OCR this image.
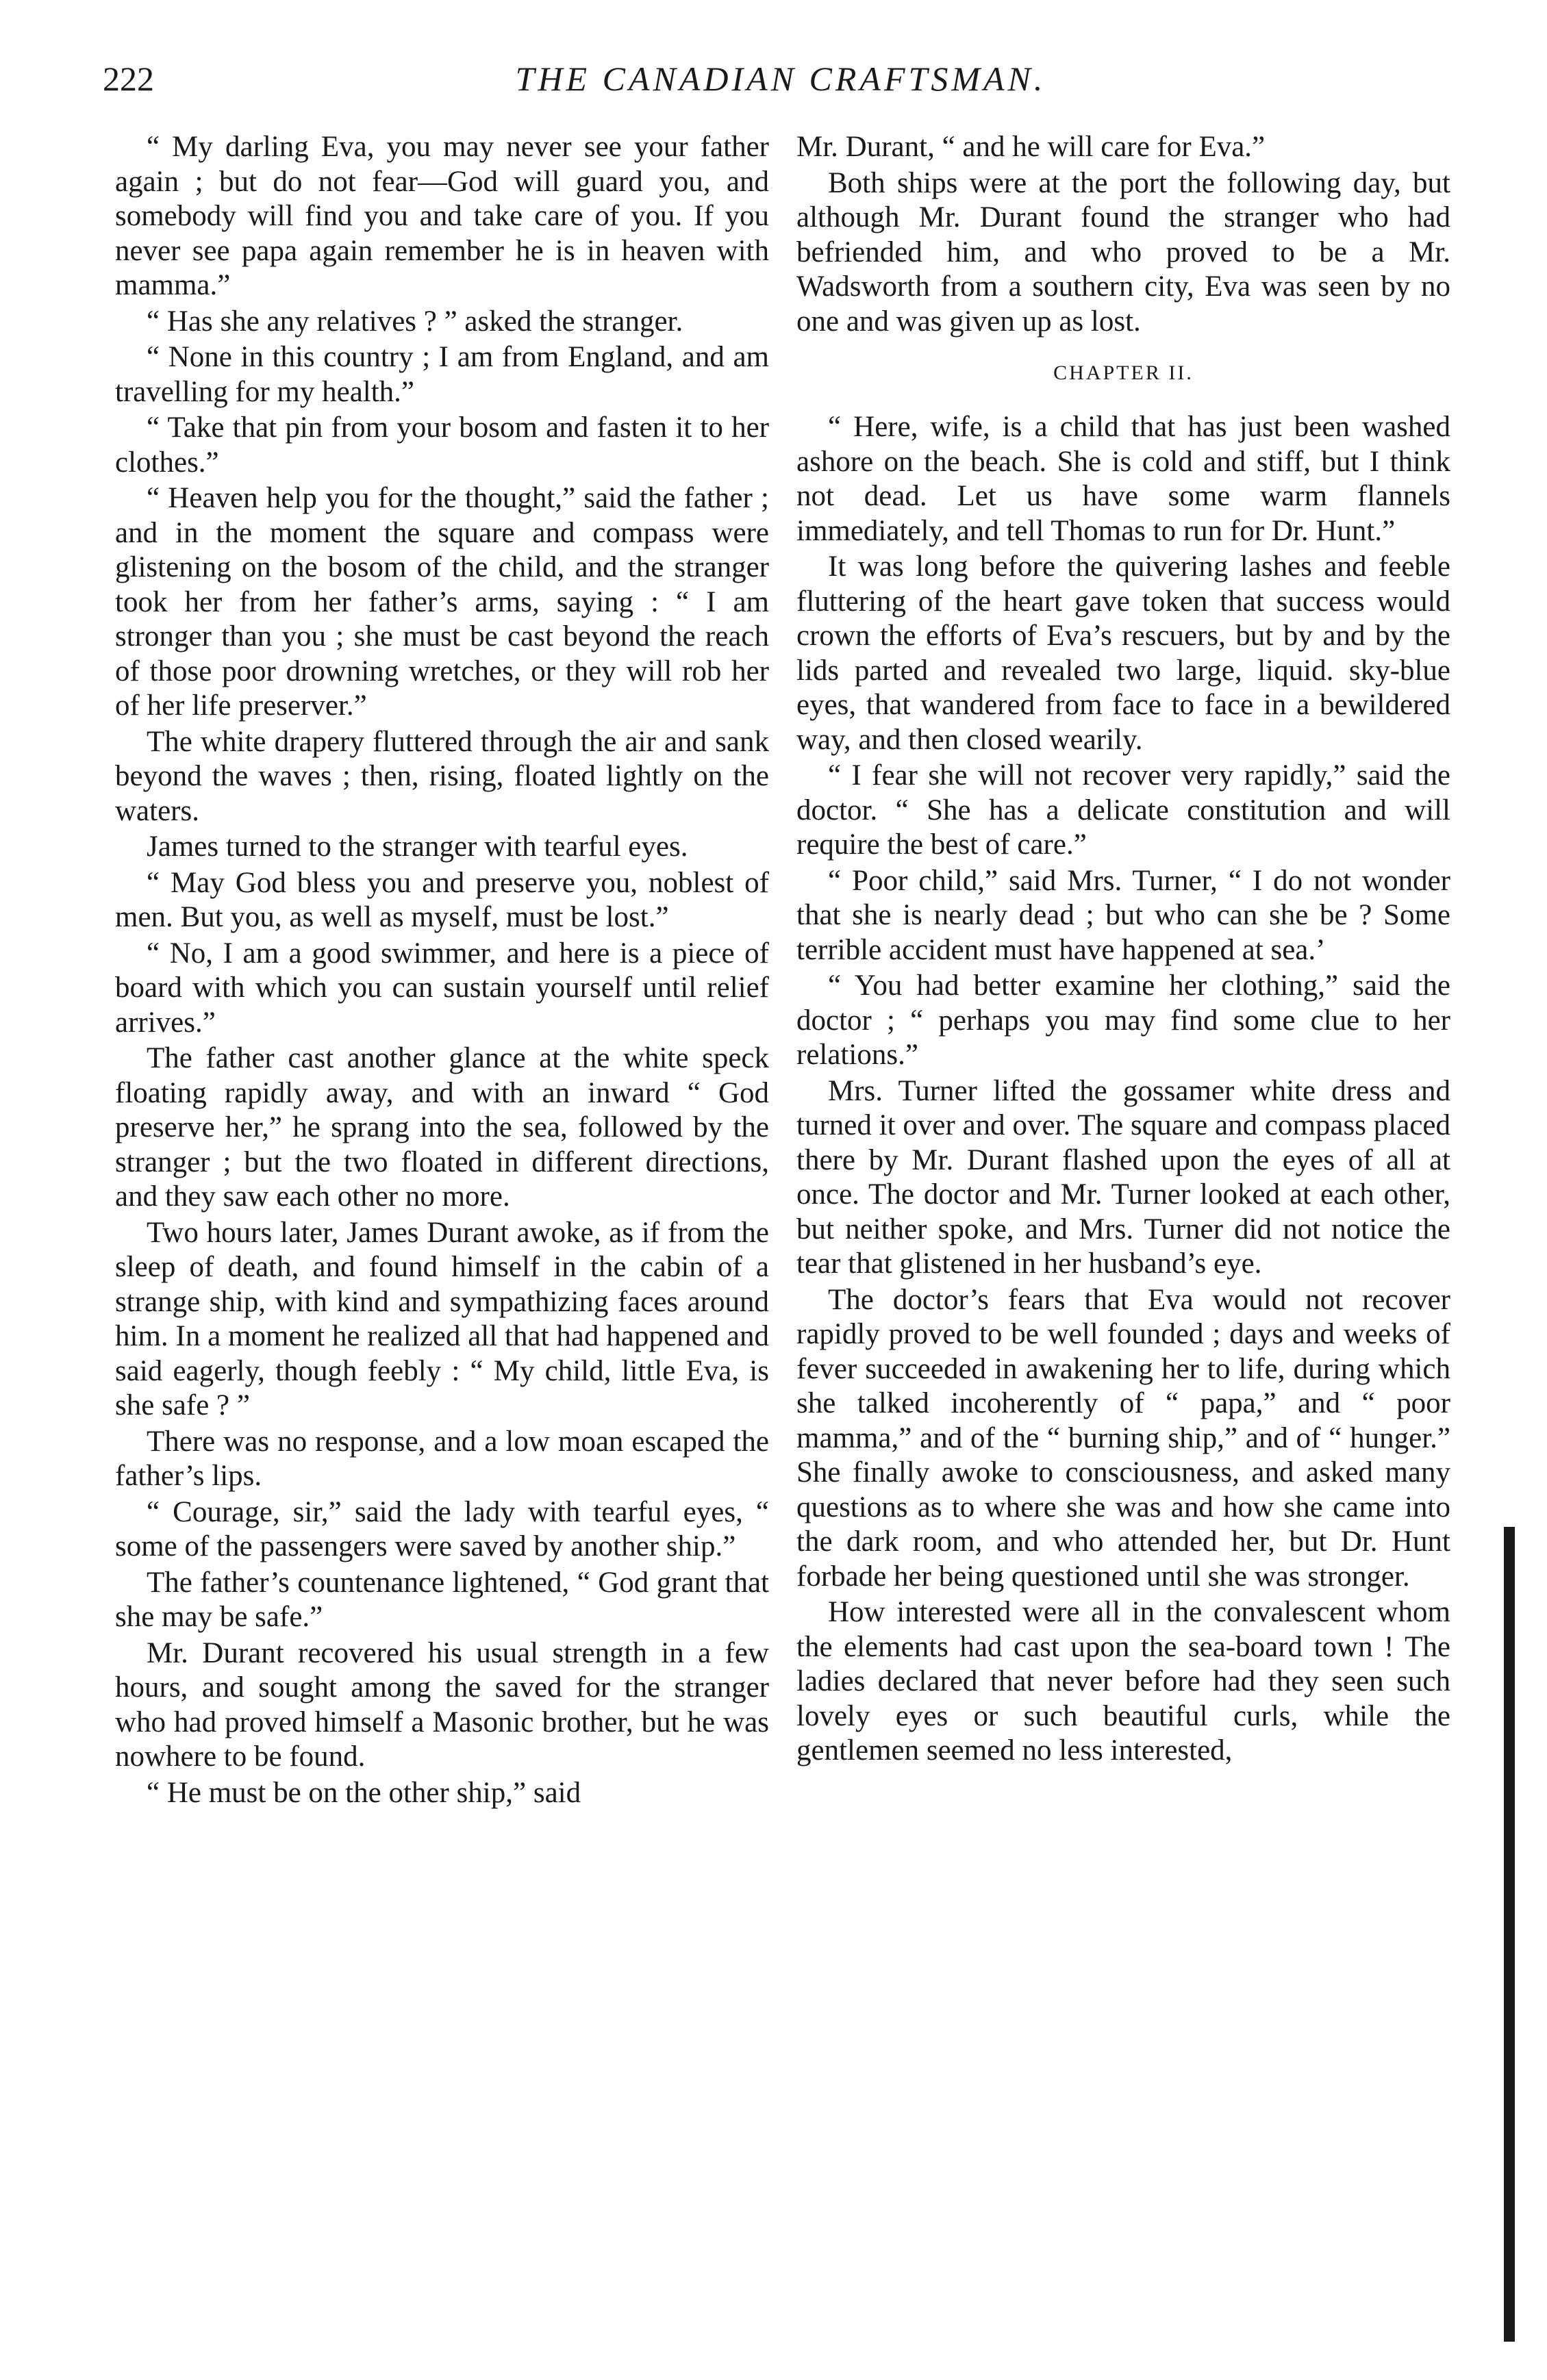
222	THE CANADIAN CRAFTSMAN.

“ My darling Eva, you may never see your father again ; but do not fear—God will guard you, and somebody will find you and take care of you. If you never see papa again remember he is in heaven with mamma.”

“ Has she any relatives ? ” asked the stranger.

“ None in this country ; I am from England, and am travelling for my health.”

“ Take that pin from your bosom and fasten it to her clothes.”

“ Heaven help you for the thought,” said the father ; and in the moment the square and compass were glistening on the bosom of the child, and the stranger took her from her father’s arms, saying : “ I am stronger than you ; she must be cast beyond the reach of those poor drowning wretches, or they will rob her of her life preserver.”

The white drapery fluttered through the air and sank beyond the waves ; then, rising, floated lightly on the waters.

James turned to the stranger with tearful eyes.

“ May God bless you and preserve you, noblest of men. But you, as well as myself, must be lost.”

“ No, I am a good swimmer, and here is a piece of board with which you can sustain yourself until relief arrives.”

The father cast another glance at the white speck floating rapidly away, and with an inward “ God preserve her,” he sprang into the sea, followed by the stranger ; but the two floated in different directions, and they saw each other no more.

Two hours later, James Durant awoke, as if from the sleep of death, and found himself in the cabin of a strange ship, with kind and sympathizing faces around him. In a moment he realized all that had happened and said eagerly, though feebly : “ My child, little Eva, is she safe ? ”

There was no response, and a low moan escaped the father’s lips.

“ Courage, sir,” said the lady with tearful eyes, “ some of the passengers were saved by another ship.”

The father’s countenance lightened, “ God grant that she may be safe.”

Mr. Durant recovered his usual strength in a few hours, and sought among the saved for the stranger who had proved himself a Masonic brother, but he was nowhere to be found.

“ He must be on the other ship,” said

Mr. Durant, “ and he will care for Eva.”

Both ships were at the port the following day, but although Mr. Durant found the stranger who had befriended him, and who proved to be a Mr. Wadsworth from a southern city, Eva was seen by no one and was given up as lost.

CHAPTER II.

“ Here, wife, is a child that has just been washed ashore on the beach. She is cold and stiff, but I think not dead. Let us have some warm flannels immediately, and tell Thomas to run for Dr. Hunt.”

It was long before the quivering lashes and feeble fluttering of the heart gave token that success would crown the efforts of Eva’s rescuers, but by and by the lids parted and revealed two large, liquid. sky-blue eyes, that wandered from face to face in a bewildered way, and then closed wearily.

“ I fear she will not recover very rapidly,” said the doctor. “ She has a delicate constitution and will require the best of care.”

“ Poor child,” said Mrs. Turner, “ I do not wonder that she is nearly dead ; but who can she be ? Some terrible accident must have happened at sea.’

“ You had better examine her clothing,” said the doctor ; “ perhaps you may find some clue to her relations.”

Mrs. Turner lifted the gossamer white dress and turned it over and over. The square and compass placed there by Mr. Durant flashed upon the eyes of all at once. The doctor and Mr. Turner looked at each other, but neither spoke, and Mrs. Turner did not notice the tear that glistened in her husband’s eye.

The doctor’s fears that Eva would not recover rapidly proved to be well founded ; days and weeks of fever succeeded in awakening her to life, during which she talked incoherently of “ papa,” and “ poor mamma,” and of the “ burning ship,” and of “ hunger.” She finally awoke to consciousness, and asked many questions as to where she was and how she came into the dark room, and who attended her, but Dr. Hunt forbade her being questioned until she was stronger.

How interested were all in the convalescent whom the elements had cast upon the sea-board town ! The ladies declared that never before had they seen such lovely eyes or such beautiful curls, while the gentlemen seemed no less interested,
